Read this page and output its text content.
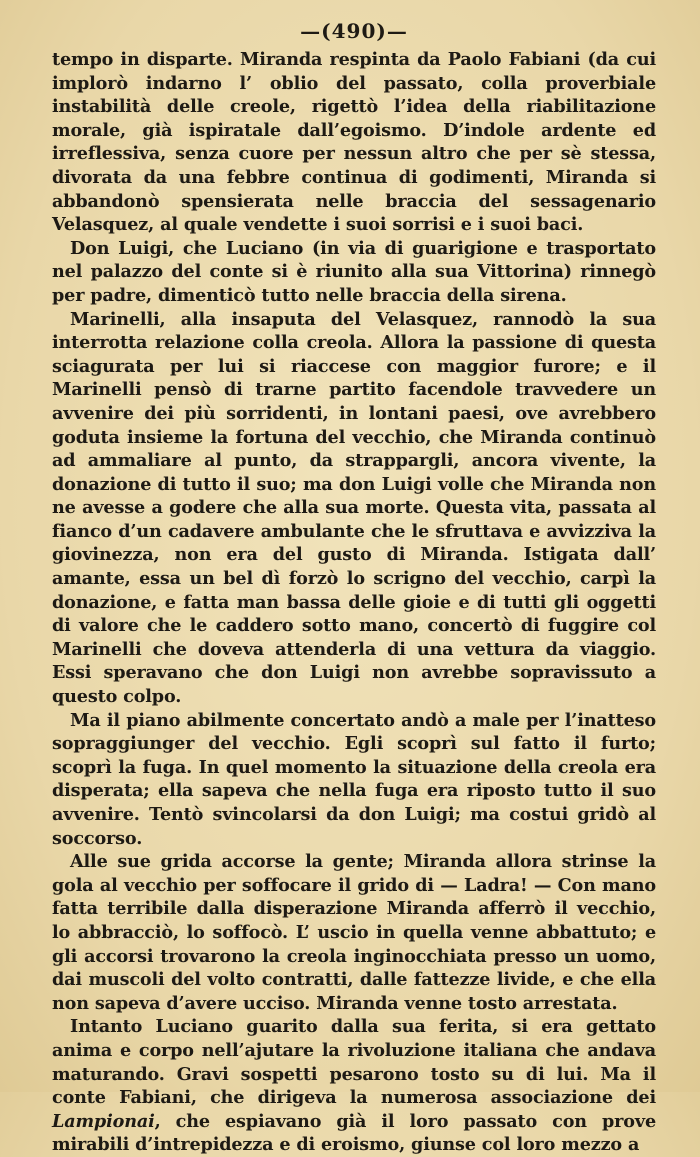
—(490)—

tempo in disparte. Miranda respinta da Paolo Fabiani (da cui implorò indarno l’ oblio del passato, colla proverbiale instabilità delle creole, rigettò l’idea della riabilitazione morale, già ispiratale dall’egoismo. D’indole ardente ed irreflessiva, senza cuore per nessun altro che per sè stessa, divorata da una febbre continua di godimenti, Miranda si abbandonò spensierata nelle braccia del sessagenario Velasquez, al quale vendette i suoi sorrisi e i suoi baci.

Don Luigi, che Luciano (in via di guarigione e trasportato nel palazzo del conte si è riunito alla sua Vittorina) rinnegò per padre, dimenticò tutto nelle braccia della sirena.

Marinelli, alla insaputa del Velasquez, rannodò la sua interrotta relazione colla creola. Allora la passione di questa sciagurata per lui si riaccese con maggior furore; e il Marinelli pensò di trarne partito facendole travvedere un avvenire dei più sorridenti, in lontani paesi, ove avrebbero goduta insieme la fortuna del vecchio, che Miranda continuò ad ammaliare al punto, da strappargli, ancora vivente, la donazione di tutto il suo; ma don Luigi volle che Miranda non ne avesse a godere che alla sua morte. Questa vita, passata al fianco d’un cadavere ambulante che le sfruttava e avvizziva la giovinezza, non era del gusto di Miranda. Istigata dall’ amante, essa un bel dì forzò lo scrigno del vecchio, carpì la donazione, e fatta man bassa delle gioie e di tutti gli oggetti di valore che le caddero sotto mano, concertò di fuggire col Marinelli che doveva attenderla di una vettura da viaggio. Essi speravano che don Luigi non avrebbe sopravissuto a questo colpo.

Ma il piano abilmente concertato andò a male per l’inatteso sopraggiunger del vecchio. Egli scoprì sul fatto il furto; scoprì la fuga. In quel momento la situazione della creola era disperata; ella sapeva che nella fuga era riposto tutto il suo avvenire. Tentò svincolarsi da don Luigi; ma costui gridò al soccorso.

Alle sue grida accorse la gente; Miranda allora strinse la gola al vecchio per soffocare il grido di — Ladra! — Con mano fatta terribile dalla disperazione Miranda afferrò il vecchio, lo abbracciò, lo soffocò. L’ uscio in quella venne abbattuto; e gli accorsi trovarono la creola inginocchiata presso un uomo, dai muscoli del volto contratti, dalle fattezze livide, e che ella non sapeva d’avere ucciso. Miranda venne tosto arrestata.

Intanto Luciano guarito dalla sua ferita, si era gettato anima e corpo nell’ajutare la rivoluzione italiana che andava maturando. Gravi sospetti pesarono tosto su di lui. Ma il conte Fabiani, che dirigeva la numerosa associazione dei Lampionai, che espiavano già il loro passato con prove mirabili d’intrepidezza e di eroismo, giunse col loro mezzo a
